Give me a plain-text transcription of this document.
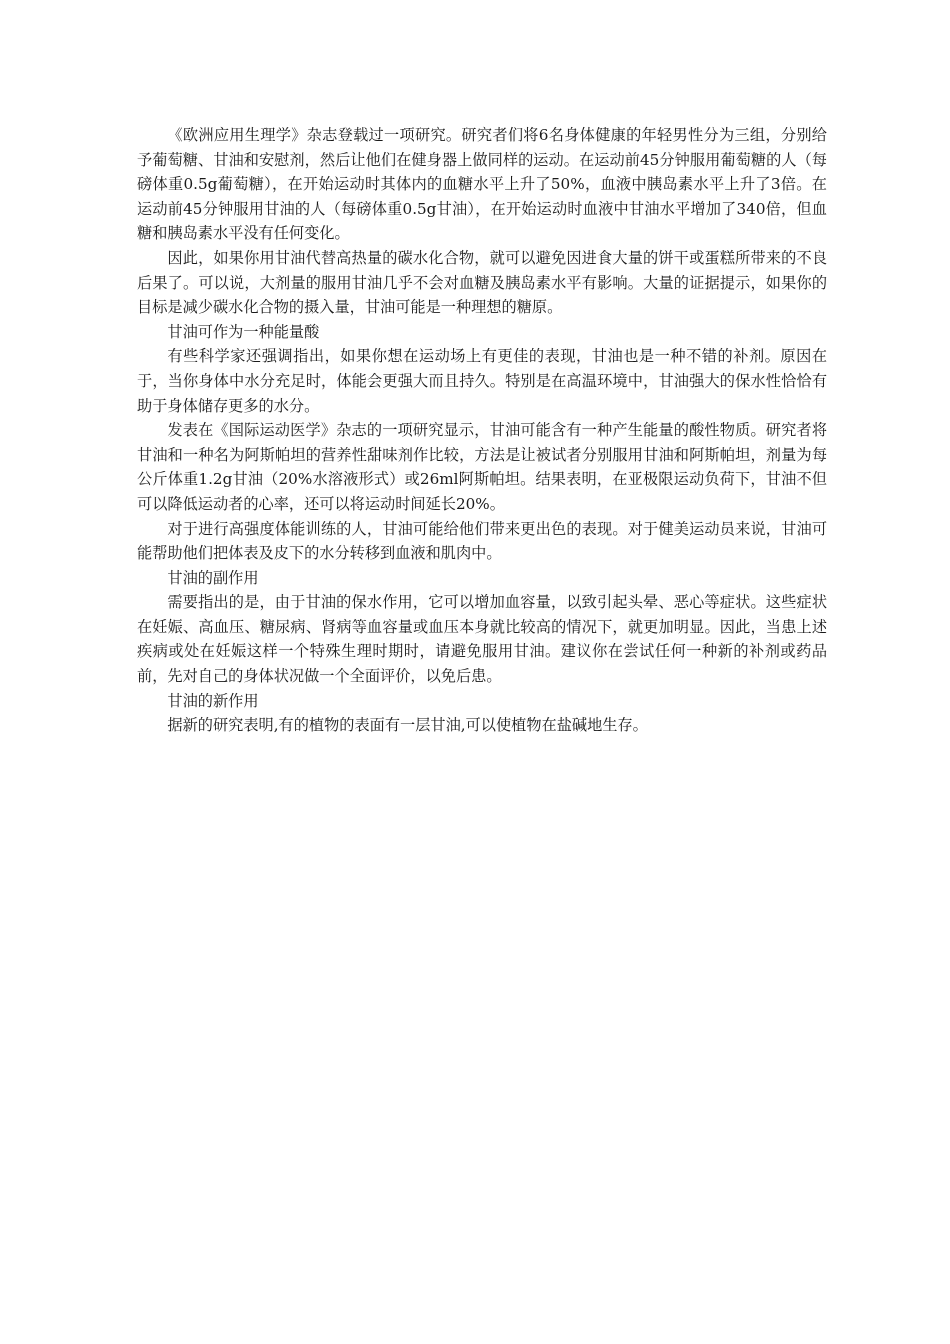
《欧洲应用生理学》杂志登载过一项研究。研究者们将6名身体健康的年轻男性分为三组，分别给予葡萄糖、甘油和安慰剂，然后让他们在健身器上做同样的运动。在运动前45分钟服用葡萄糖的人（每磅体重0.5g葡萄糖），在开始运动时其体内的血糖水平上升了50%，血液中胰岛素水平上升了3倍。在运动前45分钟服用甘油的人（每磅体重0.5g甘油），在开始运动时血液中甘油水平增加了340倍，但血糖和胰岛素水平没有任何变化。

因此，如果你用甘油代替高热量的碳水化合物，就可以避免因进食大量的饼干或蛋糕所带来的不良后果了。可以说，大剂量的服用甘油几乎不会对血糖及胰岛素水平有影响。大量的证据提示，如果你的目标是减少碳水化合物的摄入量，甘油可能是一种理想的糖原。

甘油可作为一种能量酸

有些科学家还强调指出，如果你想在运动场上有更佳的表现，甘油也是一种不错的补剂。原因在于，当你身体中水分充足时，体能会更强大而且持久。特别是在高温环境中，甘油强大的保水性恰恰有助于身体储存更多的水分。

发表在《国际运动医学》杂志的一项研究显示，甘油可能含有一种产生能量的酸性物质。研究者将甘油和一种名为阿斯帕坦的营养性甜味剂作比较，方法是让被试者分别服用甘油和阿斯帕坦，剂量为每公斤体重1.2g甘油（20%水溶液形式）或26ml阿斯帕坦。结果表明，在亚极限运动负荷下，甘油不但可以降低运动者的心率，还可以将运动时间延长20%。

对于进行高强度体能训练的人，甘油可能给他们带来更出色的表现。对于健美运动员来说，甘油可能帮助他们把体表及皮下的水分转移到血液和肌肉中。

甘油的副作用

需要指出的是，由于甘油的保水作用，它可以增加血容量，以致引起头晕、恶心等症状。这些症状在妊娠、高血压、糖尿病、肾病等血容量或血压本身就比较高的情况下，就更加明显。因此，当患上述疾病或处在妊娠这样一个特殊生理时期时，请避免服用甘油。建议你在尝试任何一种新的补剂或药品前，先对自己的身体状况做一个全面评价，以免后患。

甘油的新作用

据新的研究表明,有的植物的表面有一层甘油,可以使植物在盐碱地生存。
